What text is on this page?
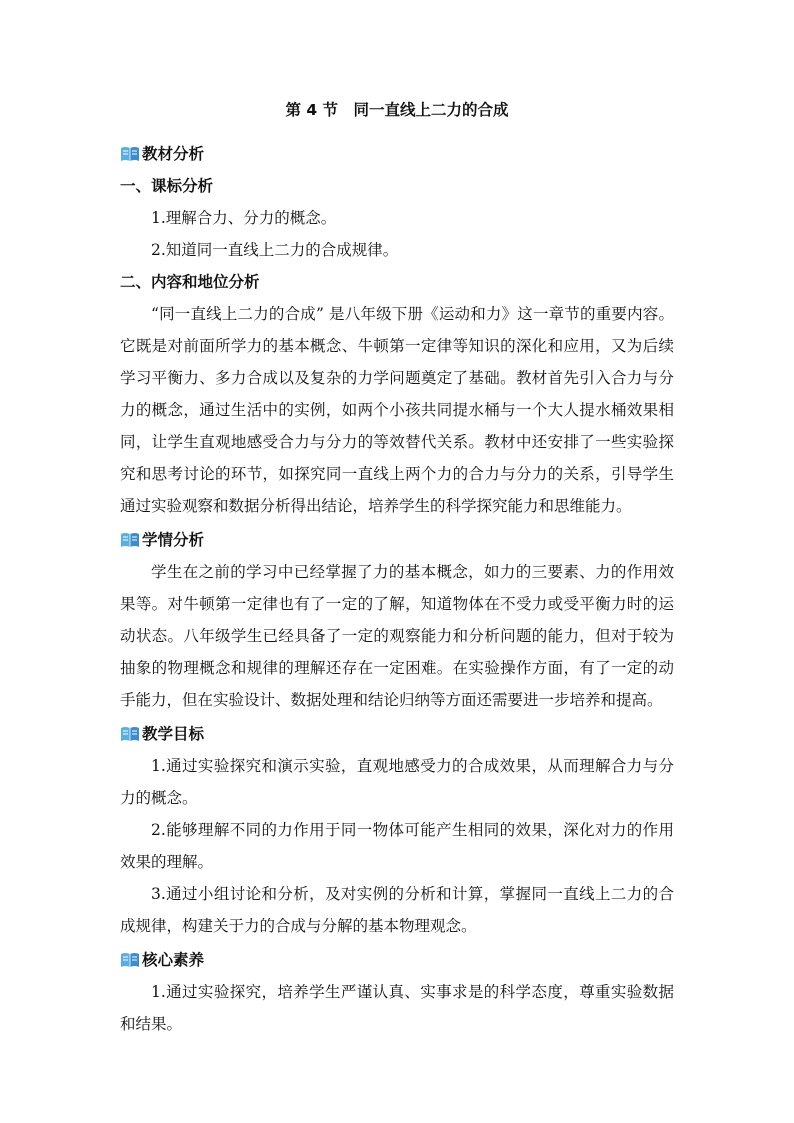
第 4 节　同一直线上二力的合成
教材分析
一、课标分析

1.理解合力、分力的概念。

2.知道同一直线上二力的合成规律。

二、内容和地位分析

“同一直线上二力的合成” 是八年级下册《运动和力》这一章节的重要内容。它既是对前面所学力的基本概念、牛顿第一定律等知识的深化和应用，又为后续学习平衡力、多力合成以及复杂的力学问题奠定了基础。教材首先引入合力与分力的概念，通过生活中的实例，如两个小孩共同提水桶与一个大人提水桶效果相同，让学生直观地感受合力与分力的等效替代关系。教材中还安排了一些实验探究和思考讨论的环节，如探究同一直线上两个力的合力与分力的关系，引导学生通过实验观察和数据分析得出结论，培养学生的科学探究能力和思维能力。

学情分析

学生在之前的学习中已经掌握了力的基本概念，如力的三要素、力的作用效果等。对牛顿第一定律也有了一定的了解，知道物体在不受力或受平衡力时的运动状态。八年级学生已经具备了一定的观察能力和分析问题的能力，但对于较为抽象的物理概念和规律的理解还存在一定困难。在实验操作方面，有了一定的动手能力，但在实验设计、数据处理和结论归纳等方面还需要进一步培养和提高。

教学目标

1.通过实验探究和演示实验，直观地感受力的合成效果，从而理解合力与分力的概念。

2.能够理解不同的力作用于同一物体可能产生相同的效果，深化对力的作用效果的理解。

3.通过小组讨论和分析，及对实例的分析和计算，掌握同一直线上二力的合成规律，构建关于力的合成与分解的基本物理观念。

核心素养

1.通过实验探究，培养学生严谨认真、实事求是的科学态度，尊重实验数据和结果。
